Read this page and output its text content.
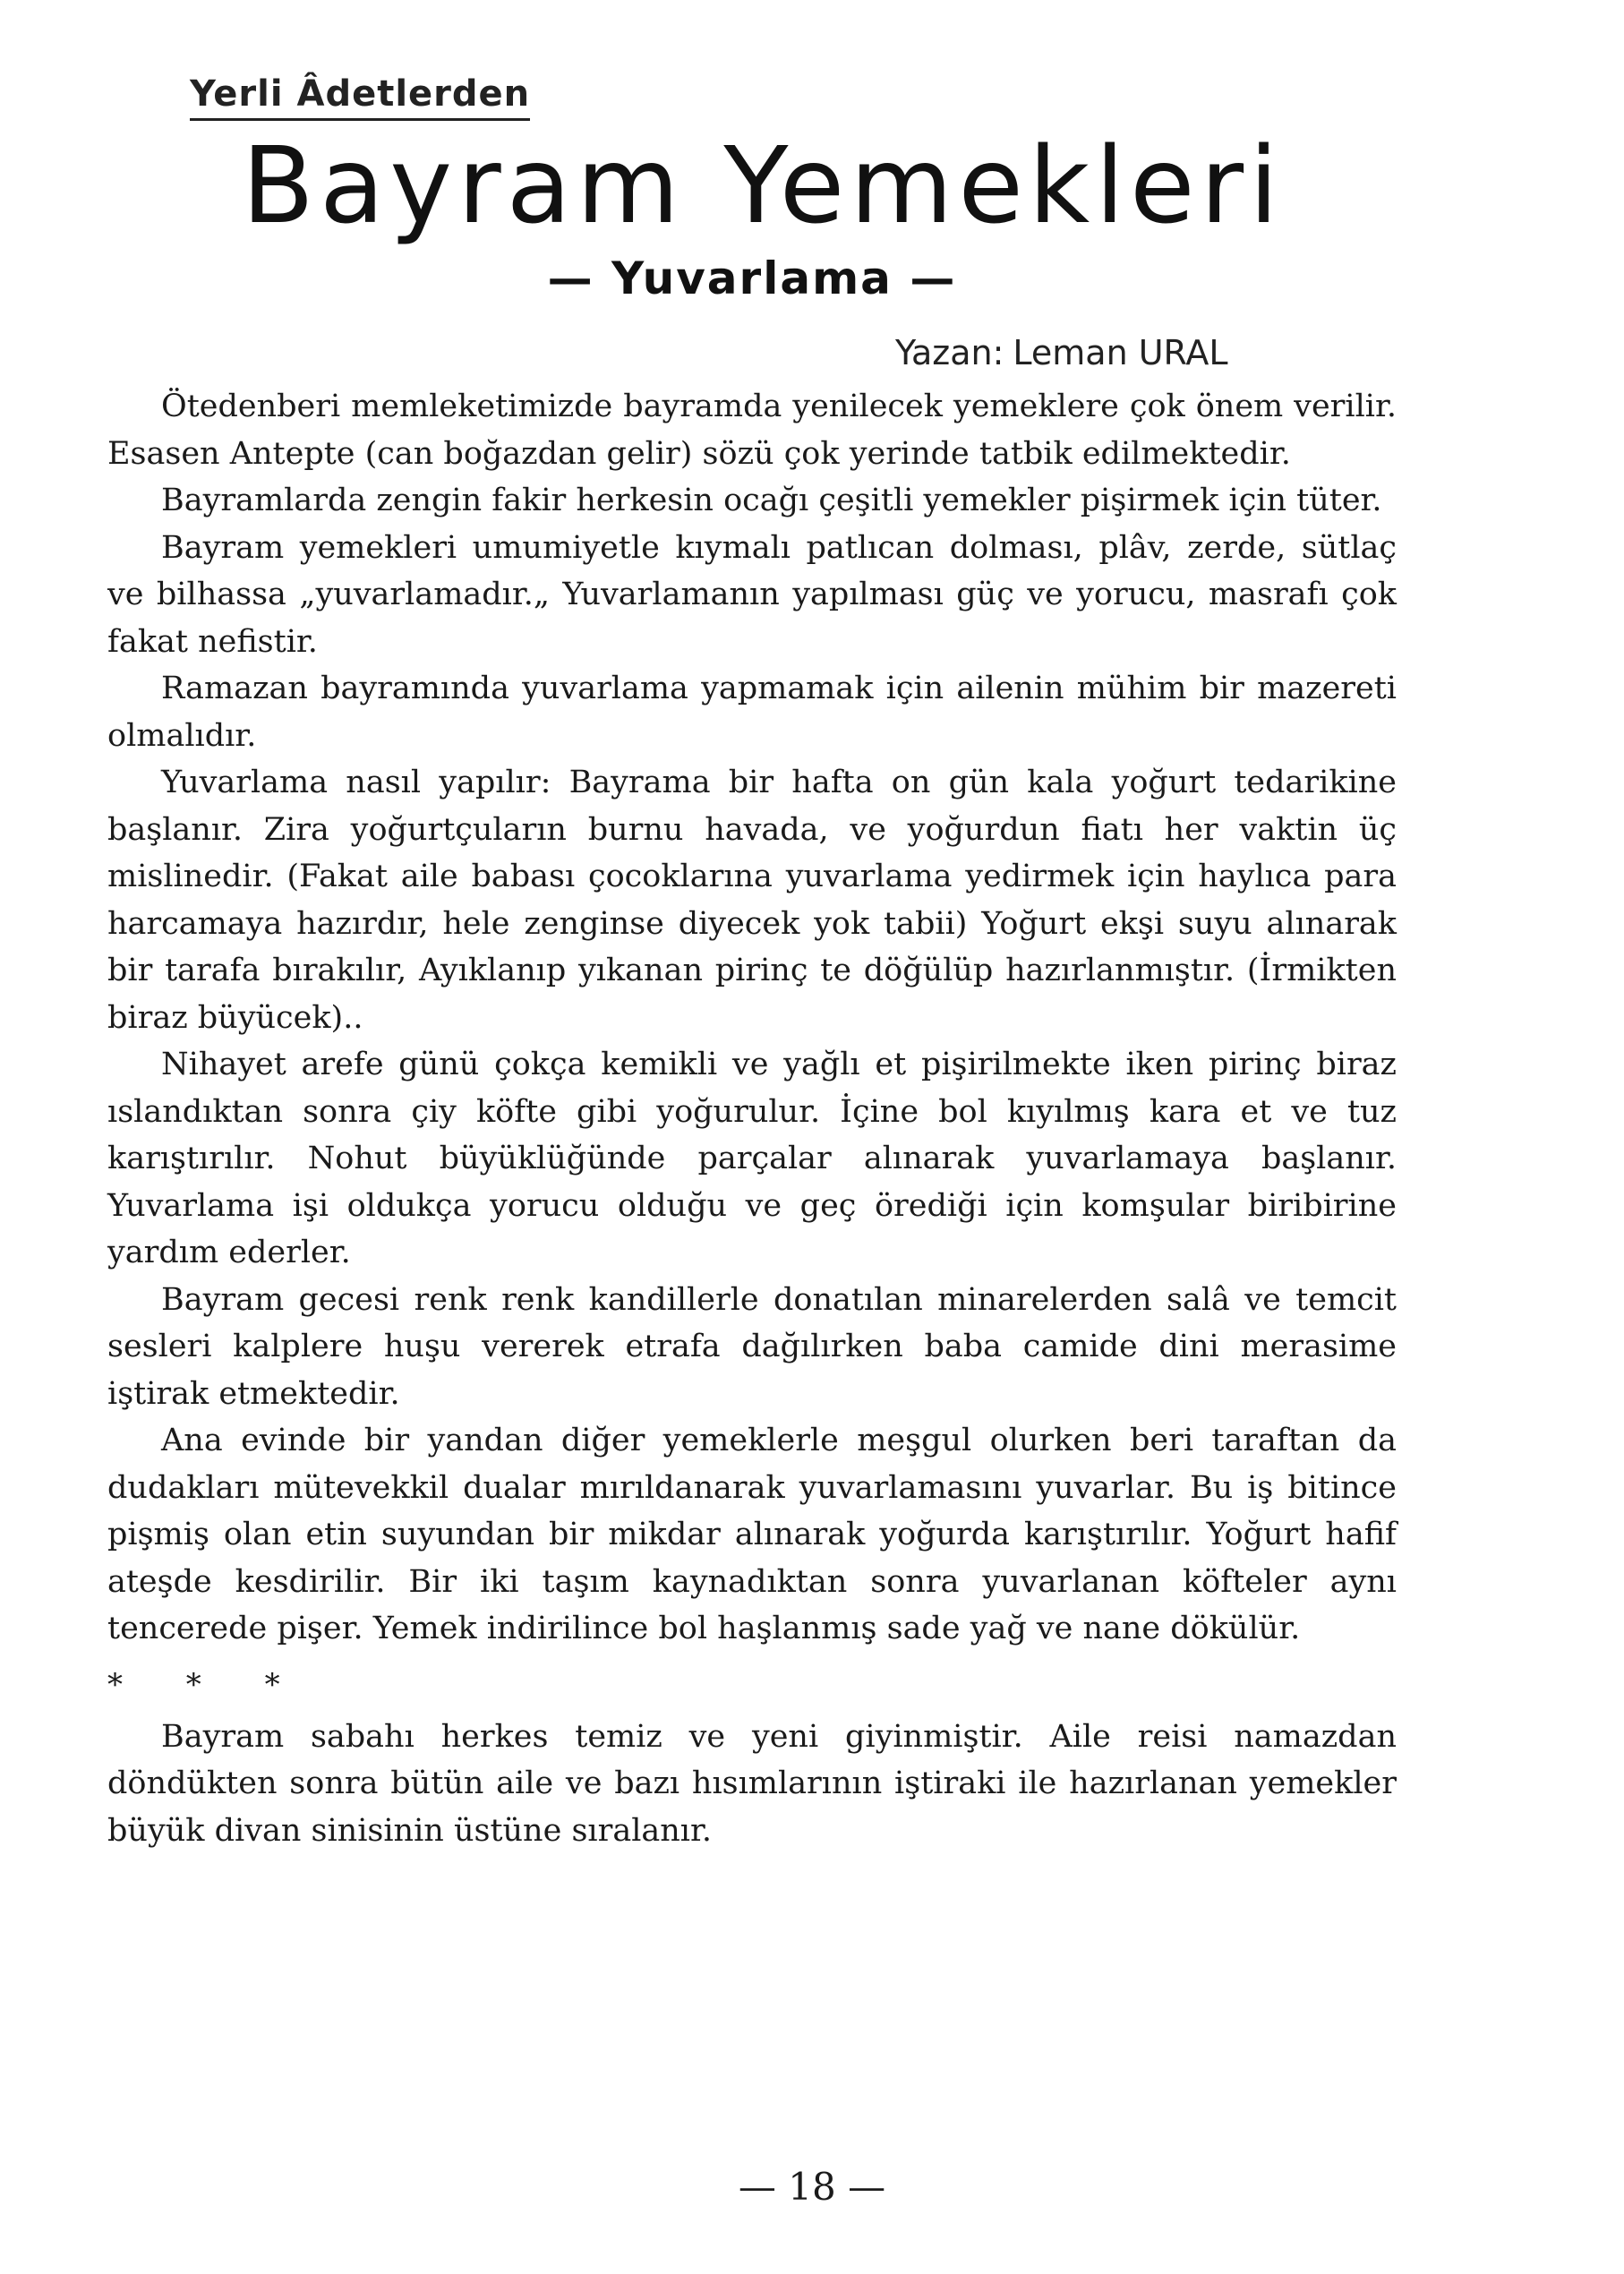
Yerli Âdetlerden
Bayram Yemekleri
— Yuvarlama —
Yazan: Leman URAL

Ötedenberi memleketimizde bayramda yenilecek yemeklere çok önem verilir. Esasen Antepte (can boğazdan gelir) sözü çok yerinde tatbik edilmektedir.

Bayramlarda zengin fakir herkesin ocağı çeşitli yemekler pişirmek için tüter.

Bayram yemekleri umumiyetle kıymalı patlıcan dolması, plâv, zerde, sütlaç ve bilhassa „yuvarlamadır.„ Yuvarlamanın yapılması güç ve yorucu, masrafı çok fakat nefistir.

Ramazan bayramında yuvarlama yapmamak için ailenin mühim bir mazereti olmalıdır.

Yuvarlama nasıl yapılır: Bayrama bir hafta on gün kala yoğurt tedarikine başlanır. Zira yoğurtçuların burnu havada, ve yoğurdun fiatı her vaktin üç mislinedir. (Fakat aile babası çocoklarına yuvarlama yedirmek için haylıca para harcamaya hazırdır, hele zenginse diyecek yok tabii) Yoğurt ekşi suyu alınarak bir tarafa bırakılır, Ayıklanıp yıkanan pirinç te döğülüp hazırlanmıştır. (İrmikten biraz büyücek)..

Nihayet arefe günü çokça kemikli ve yağlı et pişirilmekte iken pirinç biraz ıslandıktan sonra çiy köfte gibi yoğurulur. İçine bol kıyılmış kara et ve tuz karıştırılır. Nohut büyüklüğünde parçalar alınarak yuvarlamaya başlanır. Yuvarlama işi oldukça yorucu olduğu ve geç örediği için komşular biribirine yardım ederler.

Bayram gecesi renk renk kandillerle donatılan minarelerden salâ ve temcit sesleri kalplere huşu vererek etrafa dağılırken baba camide dini merasime iştirak etmektedir.

Ana evinde bir yandan diğer yemeklerle meşgul olurken beri taraftan da dudakları mütevekkil dualar mırıldanarak yuvarlamasını yuvarlar. Bu iş bitince pişmiş olan etin suyundan bir mikdar alınarak yoğurda karıştırılır. Yoğurt hafif ateşde kesdirilir. Bir iki taşım kaynadıktan sonra yuvarlanan köfteler aynı tencerede pişer. Yemek indirilince bol haşlanmış sade yağ ve nane dökülür.

* * *

Bayram sabahı herkes temiz ve yeni giyinmiştir. Aile reisi namazdan döndükten sonra bütün aile ve bazı hısımlarının iştiraki ile hazırlanan yemekler büyük divan sinisinin üstüne sıralanır.

— 18 —
